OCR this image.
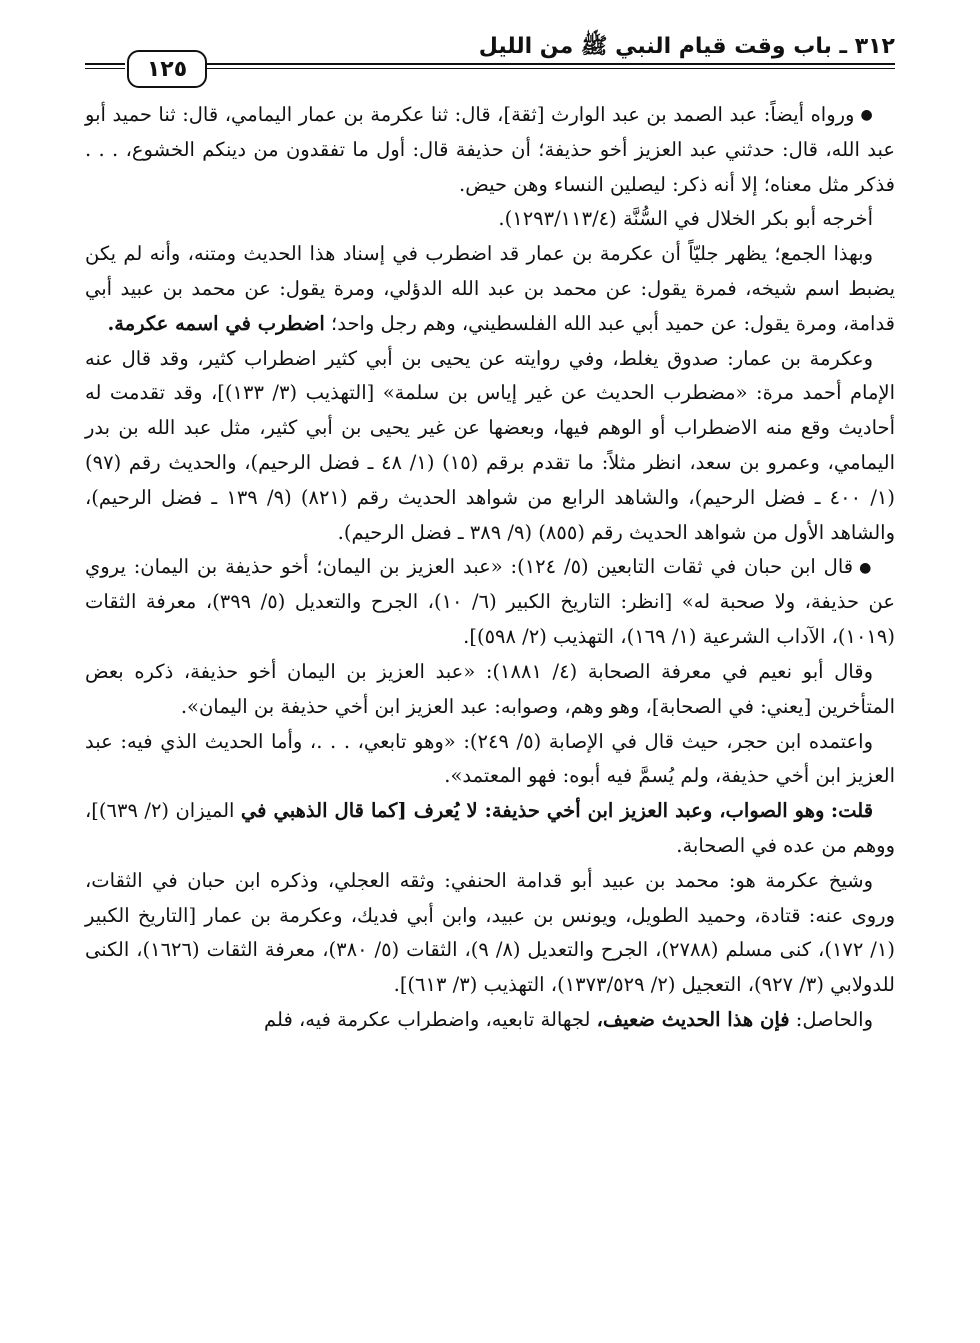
٣١٢ ـ باب وقت قيام النبي ﷺ من الليل
١٢٥

●ورواه أيضاً: عبد الصمد بن عبد الوارث [ثقة]، قال: ثنا عكرمة بن عمار اليمامي، قال: ثنا حميد أبو عبد الله، قال: حدثني عبد العزيز أخو حذيفة؛ أن حذيفة قال: أول ما تفقدون من دينكم الخشوع، . . . فذكر مثل معناه؛ إلا أنه ذكر: ليصلين النساء وهن حيض.

أخرجه أبو بكر الخلال في السُّنَّة (١٢٩٣/١١٣/٤).

وبهذا الجمع؛ يظهر جليّاً أن عكرمة بن عمار قد اضطرب في إسناد هذا الحديث ومتنه، وأنه لم يكن يضبط اسم شيخه، فمرة يقول: عن محمد بن عبد الله الدؤلي، ومرة يقول: عن محمد بن عبيد أبي قدامة، ومرة يقول: عن حميد أبي عبد الله الفلسطيني، وهم رجل واحد؛ اضطرب في اسمه عكرمة.

وعكرمة بن عمار: صدوق يغلط، وفي روايته عن يحيى بن أبي كثير اضطراب كثير، وقد قال عنه الإمام أحمد مرة: «مضطرب الحديث عن غير إياس بن سلمة» [التهذيب (٣/ ١٣٣)]، وقد تقدمت له أحاديث وقع منه الاضطراب أو الوهم فيها، وبعضها عن غير يحيى بن أبي كثير، مثل عبد الله بن بدر اليمامي، وعمرو بن سعد، انظر مثلاً: ما تقدم برقم (١٥) (١/ ٤٨ ـ فضل الرحيم)، والحديث رقم (٩٧) (١/ ٤٠٠ ـ فضل الرحيم)، والشاهد الرابع من شواهد الحديث رقم (٨٢١) (٩/ ١٣٩ ـ فضل الرحيم)، والشاهد الأول من شواهد الحديث رقم (٨٥٥) (٩/ ٣٨٩ ـ فضل الرحيم).

●قال ابن حبان في ثقات التابعين (٥/ ١٢٤): «عبد العزيز بن اليمان؛ أخو حذيفة بن اليمان: يروي عن حذيفة، ولا صحبة له» [انظر: التاريخ الكبير (٦/ ١٠)، الجرح والتعديل (٥/ ٣٩٩)، معرفة الثقات (١٠١٩)، الآداب الشرعية (١/ ١٦٩)، التهذيب (٢/ ٥٩٨)].

وقال أبو نعيم في معرفة الصحابة (٤/ ١٨٨١): «عبد العزيز بن اليمان أخو حذيفة، ذكره بعض المتأخرين [يعني: في الصحابة]، وهو وهم، وصوابه: عبد العزيز ابن أخي حذيفة بن اليمان».

واعتمده ابن حجر، حيث قال في الإصابة (٥/ ٢٤٩): «وهو تابعي، . . .، وأما الحديث الذي فيه: عبد العزيز ابن أخي حذيفة، ولم يُسمَّ فيه أبوه: فهو المعتمد».

قلت: وهو الصواب، وعبد العزيز ابن أخي حذيفة: لا يُعرف [كما قال الذهبي في الميزان (٢/ ٦٣٩)]، ووهم من عده في الصحابة.

وشيخ عكرمة هو: محمد بن عبيد أبو قدامة الحنفي: وثقه العجلي، وذكره ابن حبان في الثقات، وروى عنه: قتادة، وحميد الطويل، ويونس بن عبيد، وابن أبي فديك، وعكرمة بن عمار [التاريخ الكبير (١/ ١٧٢)، كنى مسلم (٢٧٨٨)، الجرح والتعديل (٨/ ٩)، الثقات (٥/ ٣٨٠)، معرفة الثقات (١٦٢٦)، الكنى للدولابي (٣/ ٩٢٧)، التعجيل (٢/ ١٣٧٣/٥٢٩)، التهذيب (٣/ ٦١٣)].

والحاصل: فإن هذا الحديث ضعيف، لجهالة تابعيه، واضطراب عكرمة فيه، فلم
